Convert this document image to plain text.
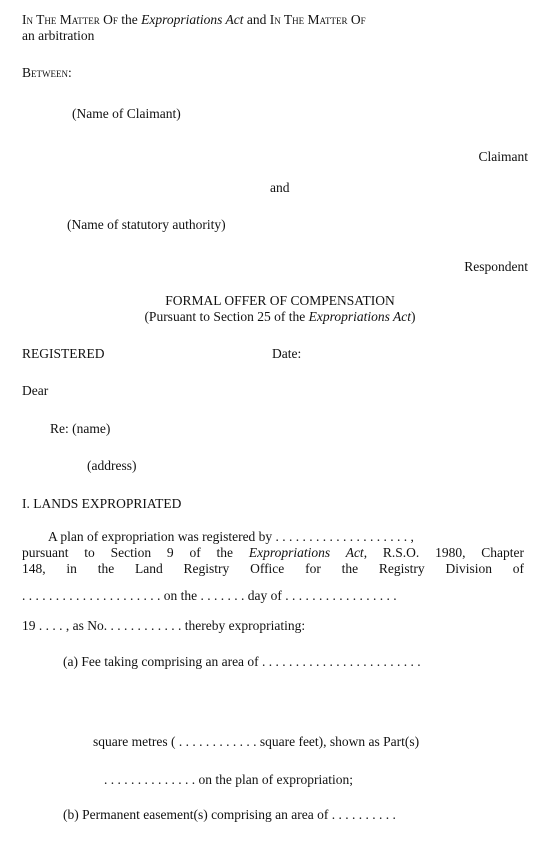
In The Matter Of the Expropriations Act and In The Matter Of

an arbitration

Between:

(Name of Claimant)

Claimant

and

(Name of statutory authority)

Respondent

FORMAL OFFER OF COMPENSATION

(Pursuant to Section 25 of the Expropriations Act)

REGISTERED	Date:

Dear

Re: (name)

(address)

I. LANDS EXPROPRIATED

A plan of expropriation was registered by . . . . . . . . . . . . . . . . . . . . ,

pursuant to Section 9 of the Expropriations Act, R.S.O. 1980, Chapter

148, in the Land Registry Office for the Registry Division of

. . . . . . . . . . . . . . . . . . . . . on the . . . . . . . day of . . . . . . . . . . . . . . . . .

19 . . . . , as No. . . . . . . . . . . . thereby expropriating:

(a) Fee taking comprising an area of . . . . . . . . . . . . . . . . . . . . . . . .

square metres ( . . . . . . . . . . . . square feet), shown as Part(s)

. . . . . . . . . . . . . . on the plan of expropriation;

(b) Permanent easement(s) comprising an area of . . . . . . . . . .
